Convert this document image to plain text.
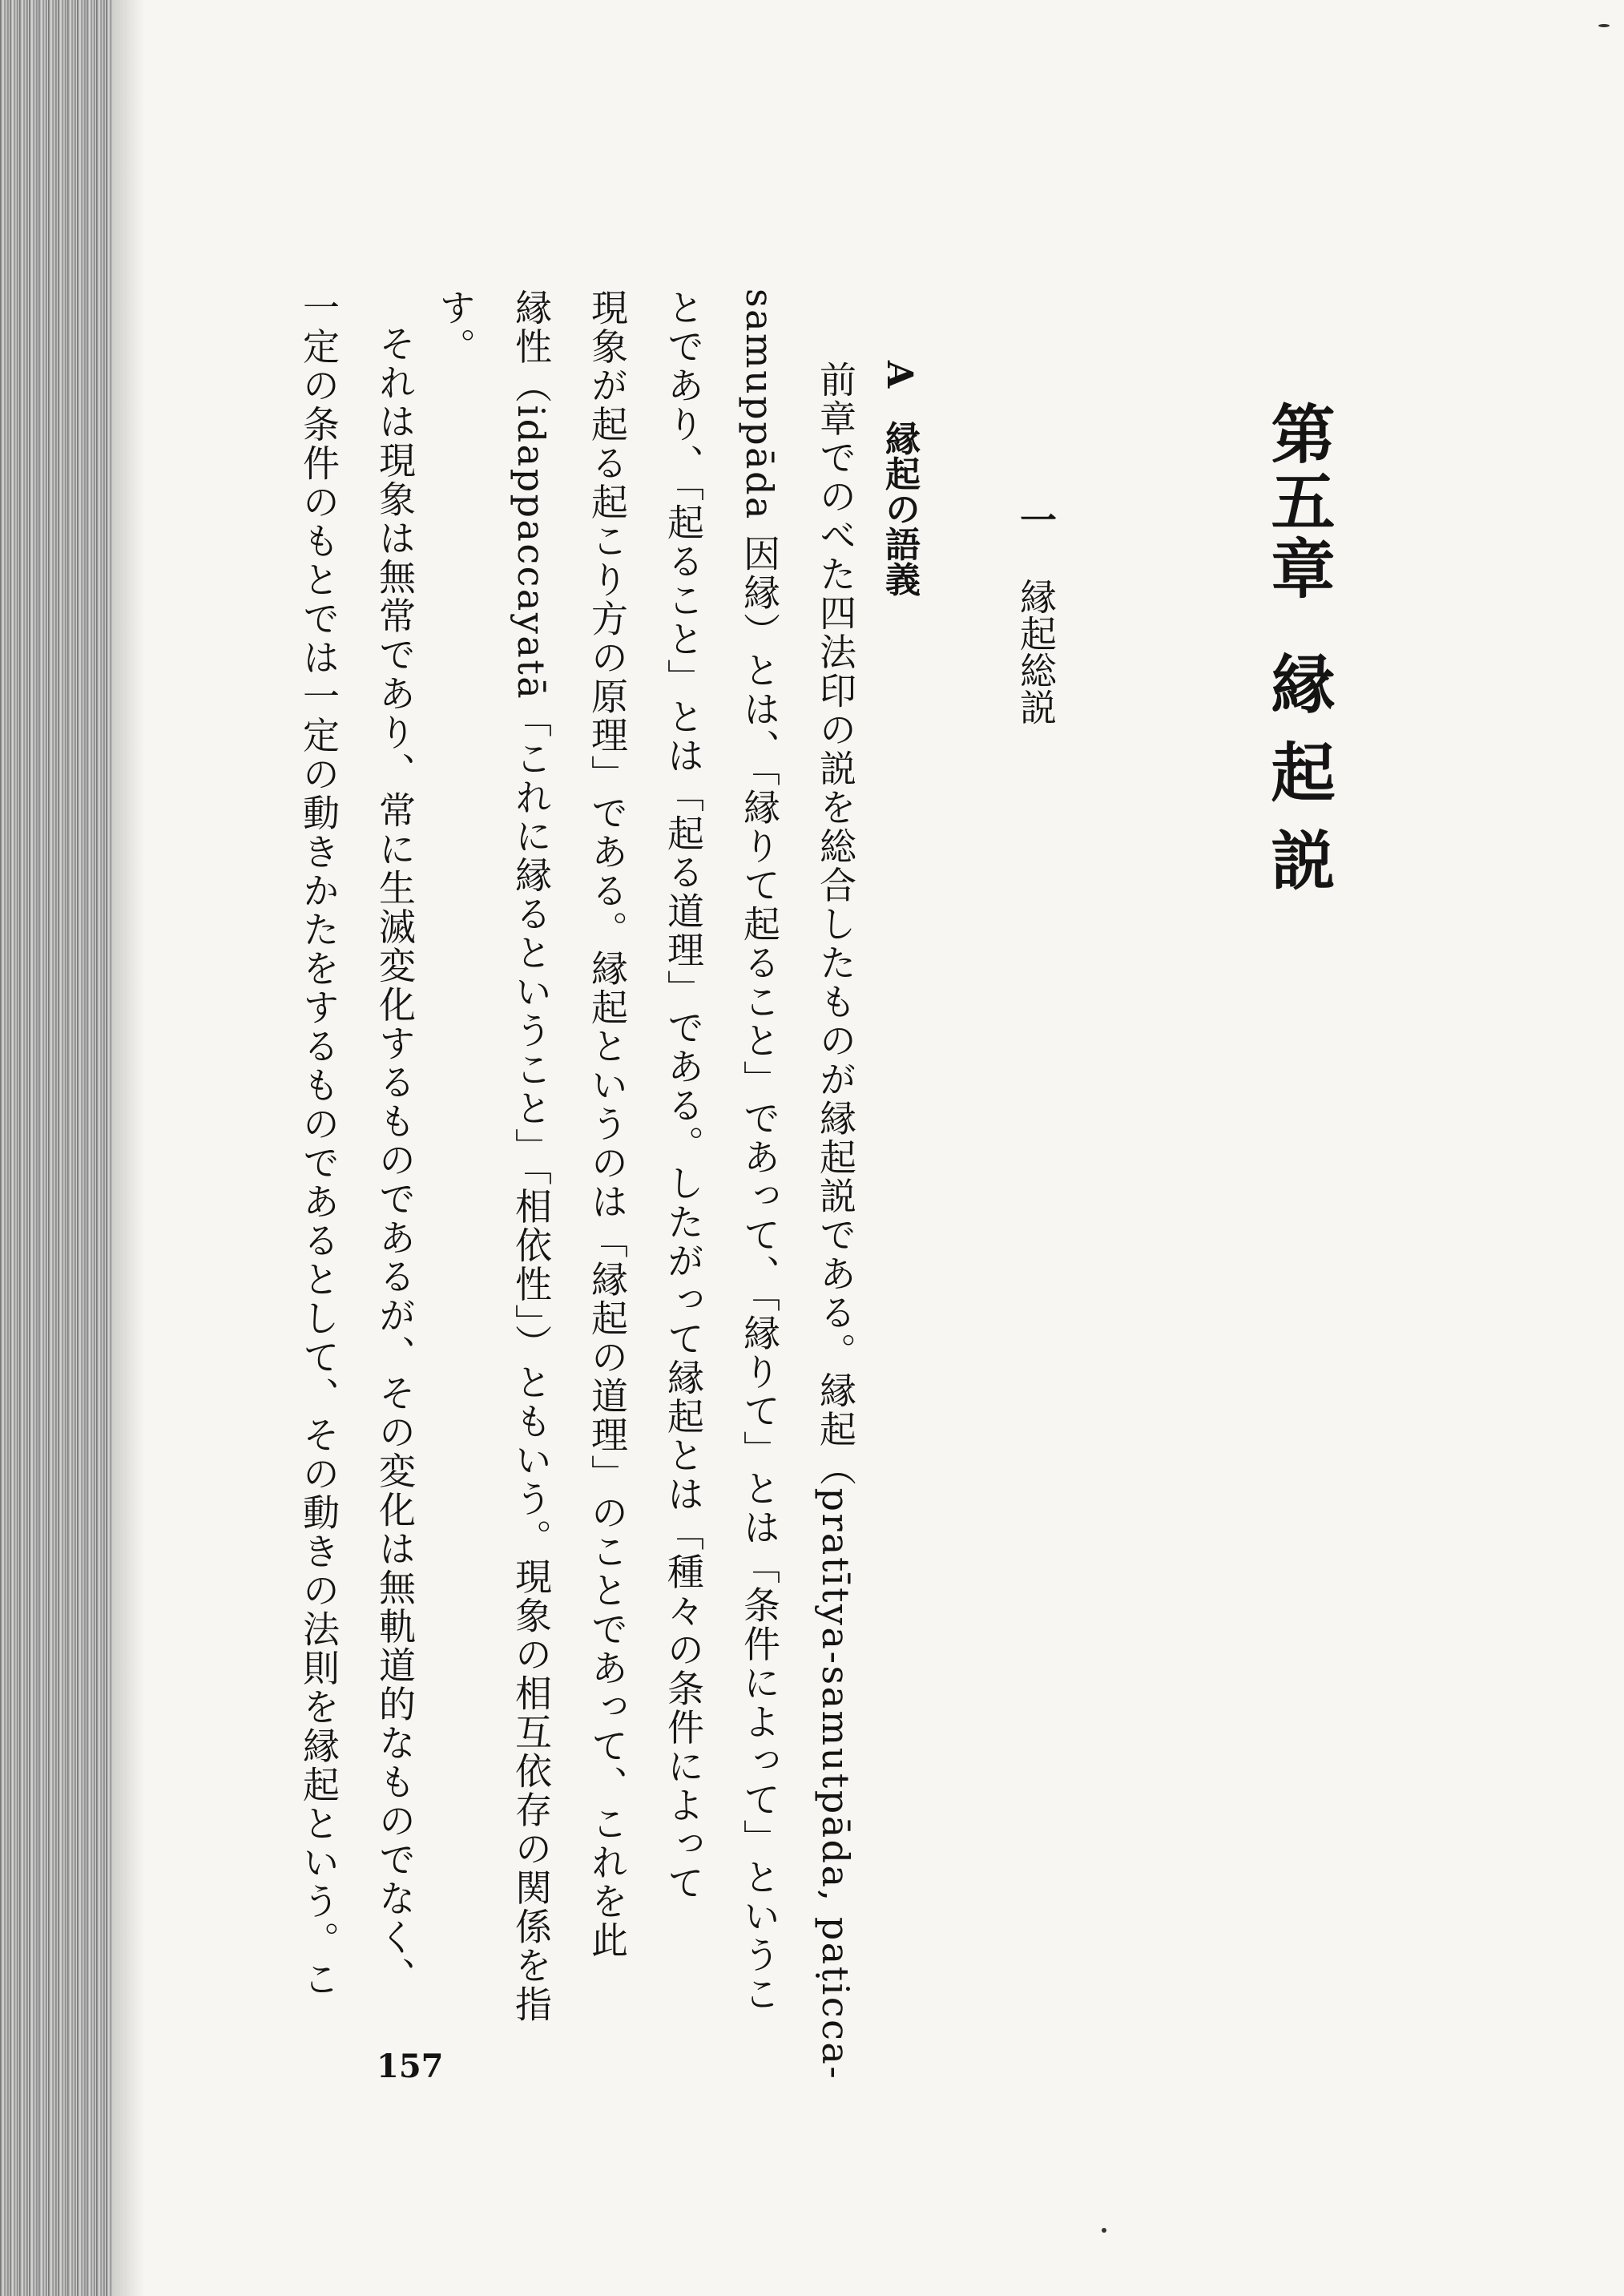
第五章縁起説
一縁起総説
A縁起の語義
前章でのべた四法印の説を総合したものが縁起説である。縁起（pratītya-samutpāda, paṭicca-
samuppāda 因縁）とは、「縁りて起ること」であって、「縁りて」とは「条件によって」というこ
とであり、「起ること」とは「起る道理」である。したがって縁起とは「種々の条件によって
現象が起る起こり方の原理」である。縁起というのは「縁起の道理」のことであって、これを此
縁性（idappaccayatā「これに縁るということ」「相依性」）ともいう。現象の相互依存の関係を指
す。
それは現象は無常であり、常に生滅変化するものであるが、その変化は無軌道的なものでなく、
一定の条件のもとでは一定の動きかたをするものであるとして、その動きの法則を縁起という。こ
157
